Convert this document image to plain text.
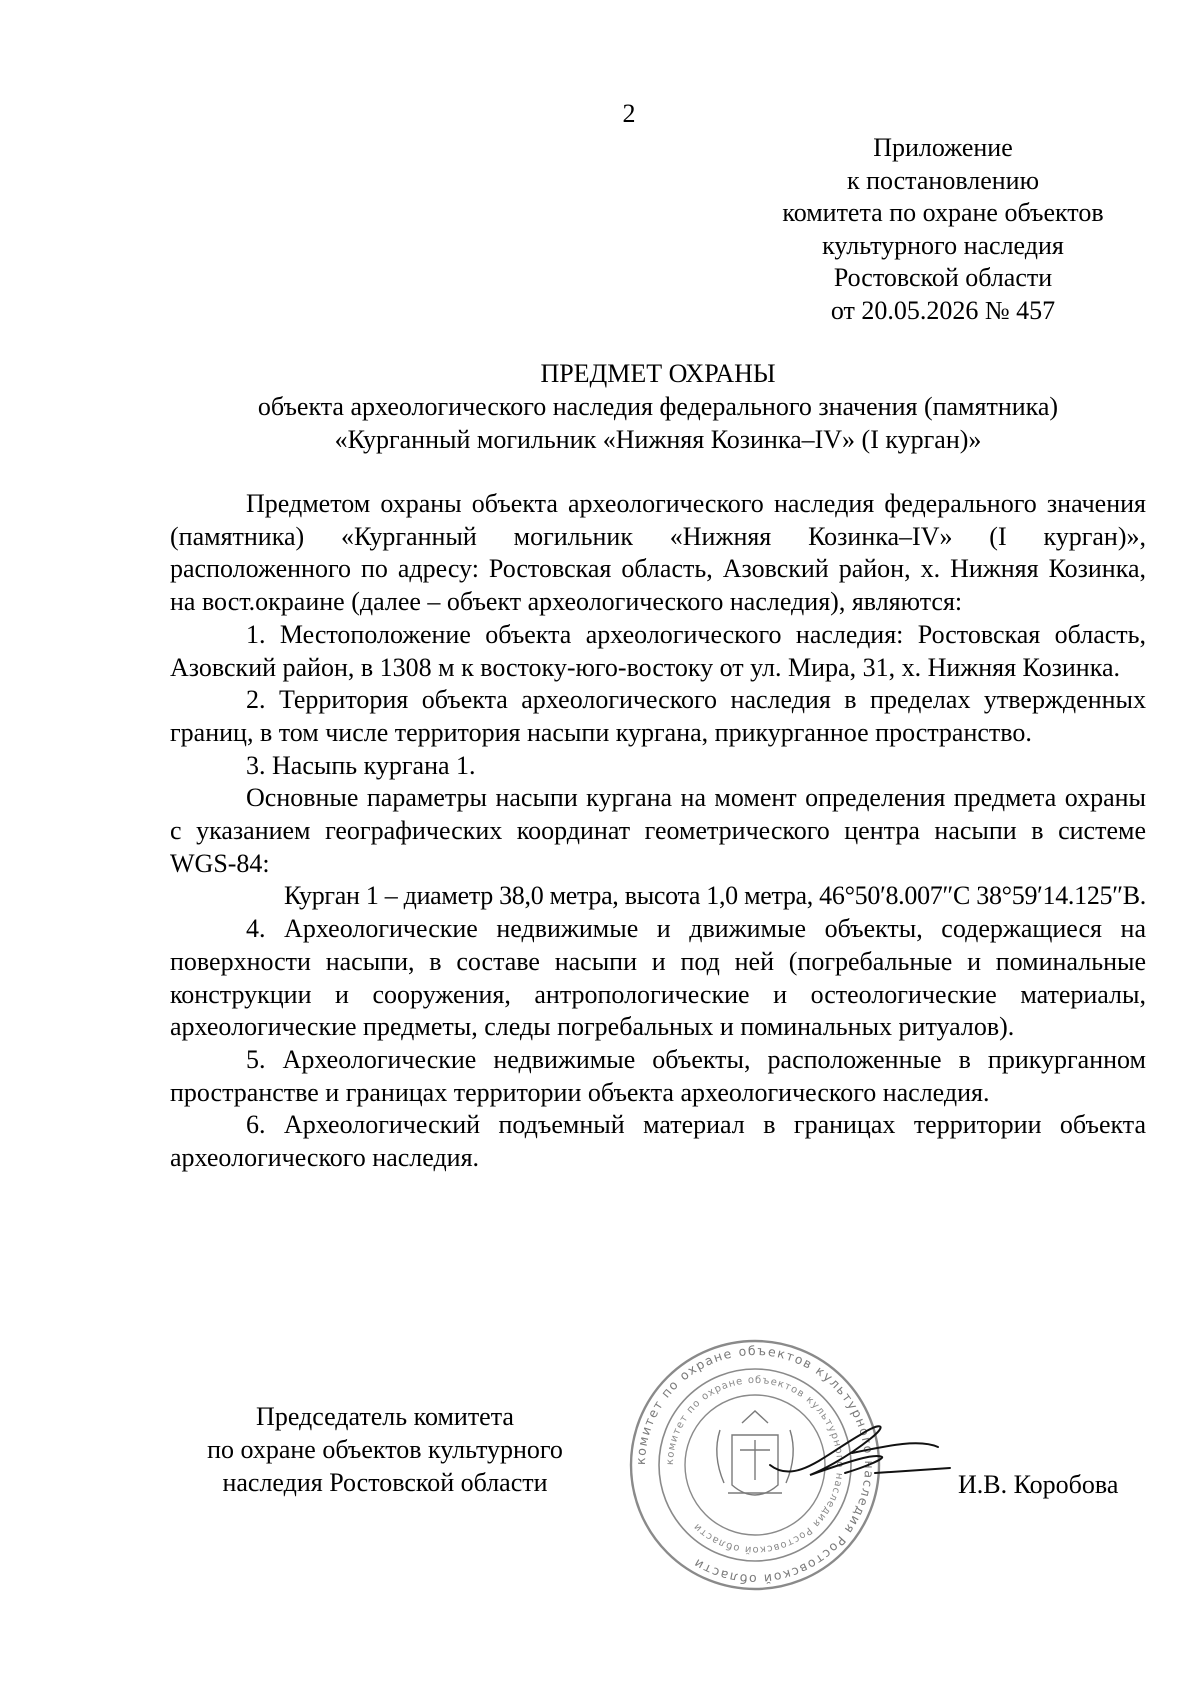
2
Приложение
к постановлению
комитета по охране объектов
культурного наследия
Ростовской области
от 20.05.2026 № 457
ПРЕДМЕТ ОХРАНЫ
объекта археологического наследия федерального значения (памятника)
«Курганный могильник «Нижняя Козинка–IV» (I курган)»

Предметом охраны объекта археологического наследия федерального значения (памятника) «Курганный могильник «Нижняя Козинка–IV» (I курган)», расположенного по адресу: Ростовская область, Азовский район, х. Нижняя Козинка, на вост.окраине (далее – объект археологического наследия), являются:

1. Местоположение объекта археологического наследия: Ростовская область, Азовский район, в 1308 м к востоку-юго-востоку от ул. Мира, 31, х. Нижняя Козинка.

2. Территория объекта археологического наследия в пределах утвержденных границ, в том числе территория насыпи кургана, прикурганное пространство.

3. Насыпь кургана 1.

Основные параметры насыпи кургана на момент определения предмета охраны с указанием географических координат геометрического центра насыпи в системе WGS-84:

Курган 1 – диаметр 38,0 метра, высота 1,0 метра, 46°50′8.007″С 38°59′14.125″В.

4. Археологические недвижимые и движимые объекты, содержащиеся на поверхности насыпи, в составе насыпи и под ней (погребальные и поминальные конструкции и сооружения, антропологические и остеологические материалы, археологические предметы, следы погребальных и поминальных ритуалов).

5. Археологические недвижимые объекты, расположенные в прикурганном пространстве и границах территории объекта археологического наследия.

6. Археологический подъемный материал в границах территории объекта археологического наследия.

Председатель комитета
по охране объектов культурного
наследия Ростовской области
комитет по охране объектов культурного наследия Ростовской области
комитет по охране объектов культурного наследия Ростовской области
И.В. Коробова
